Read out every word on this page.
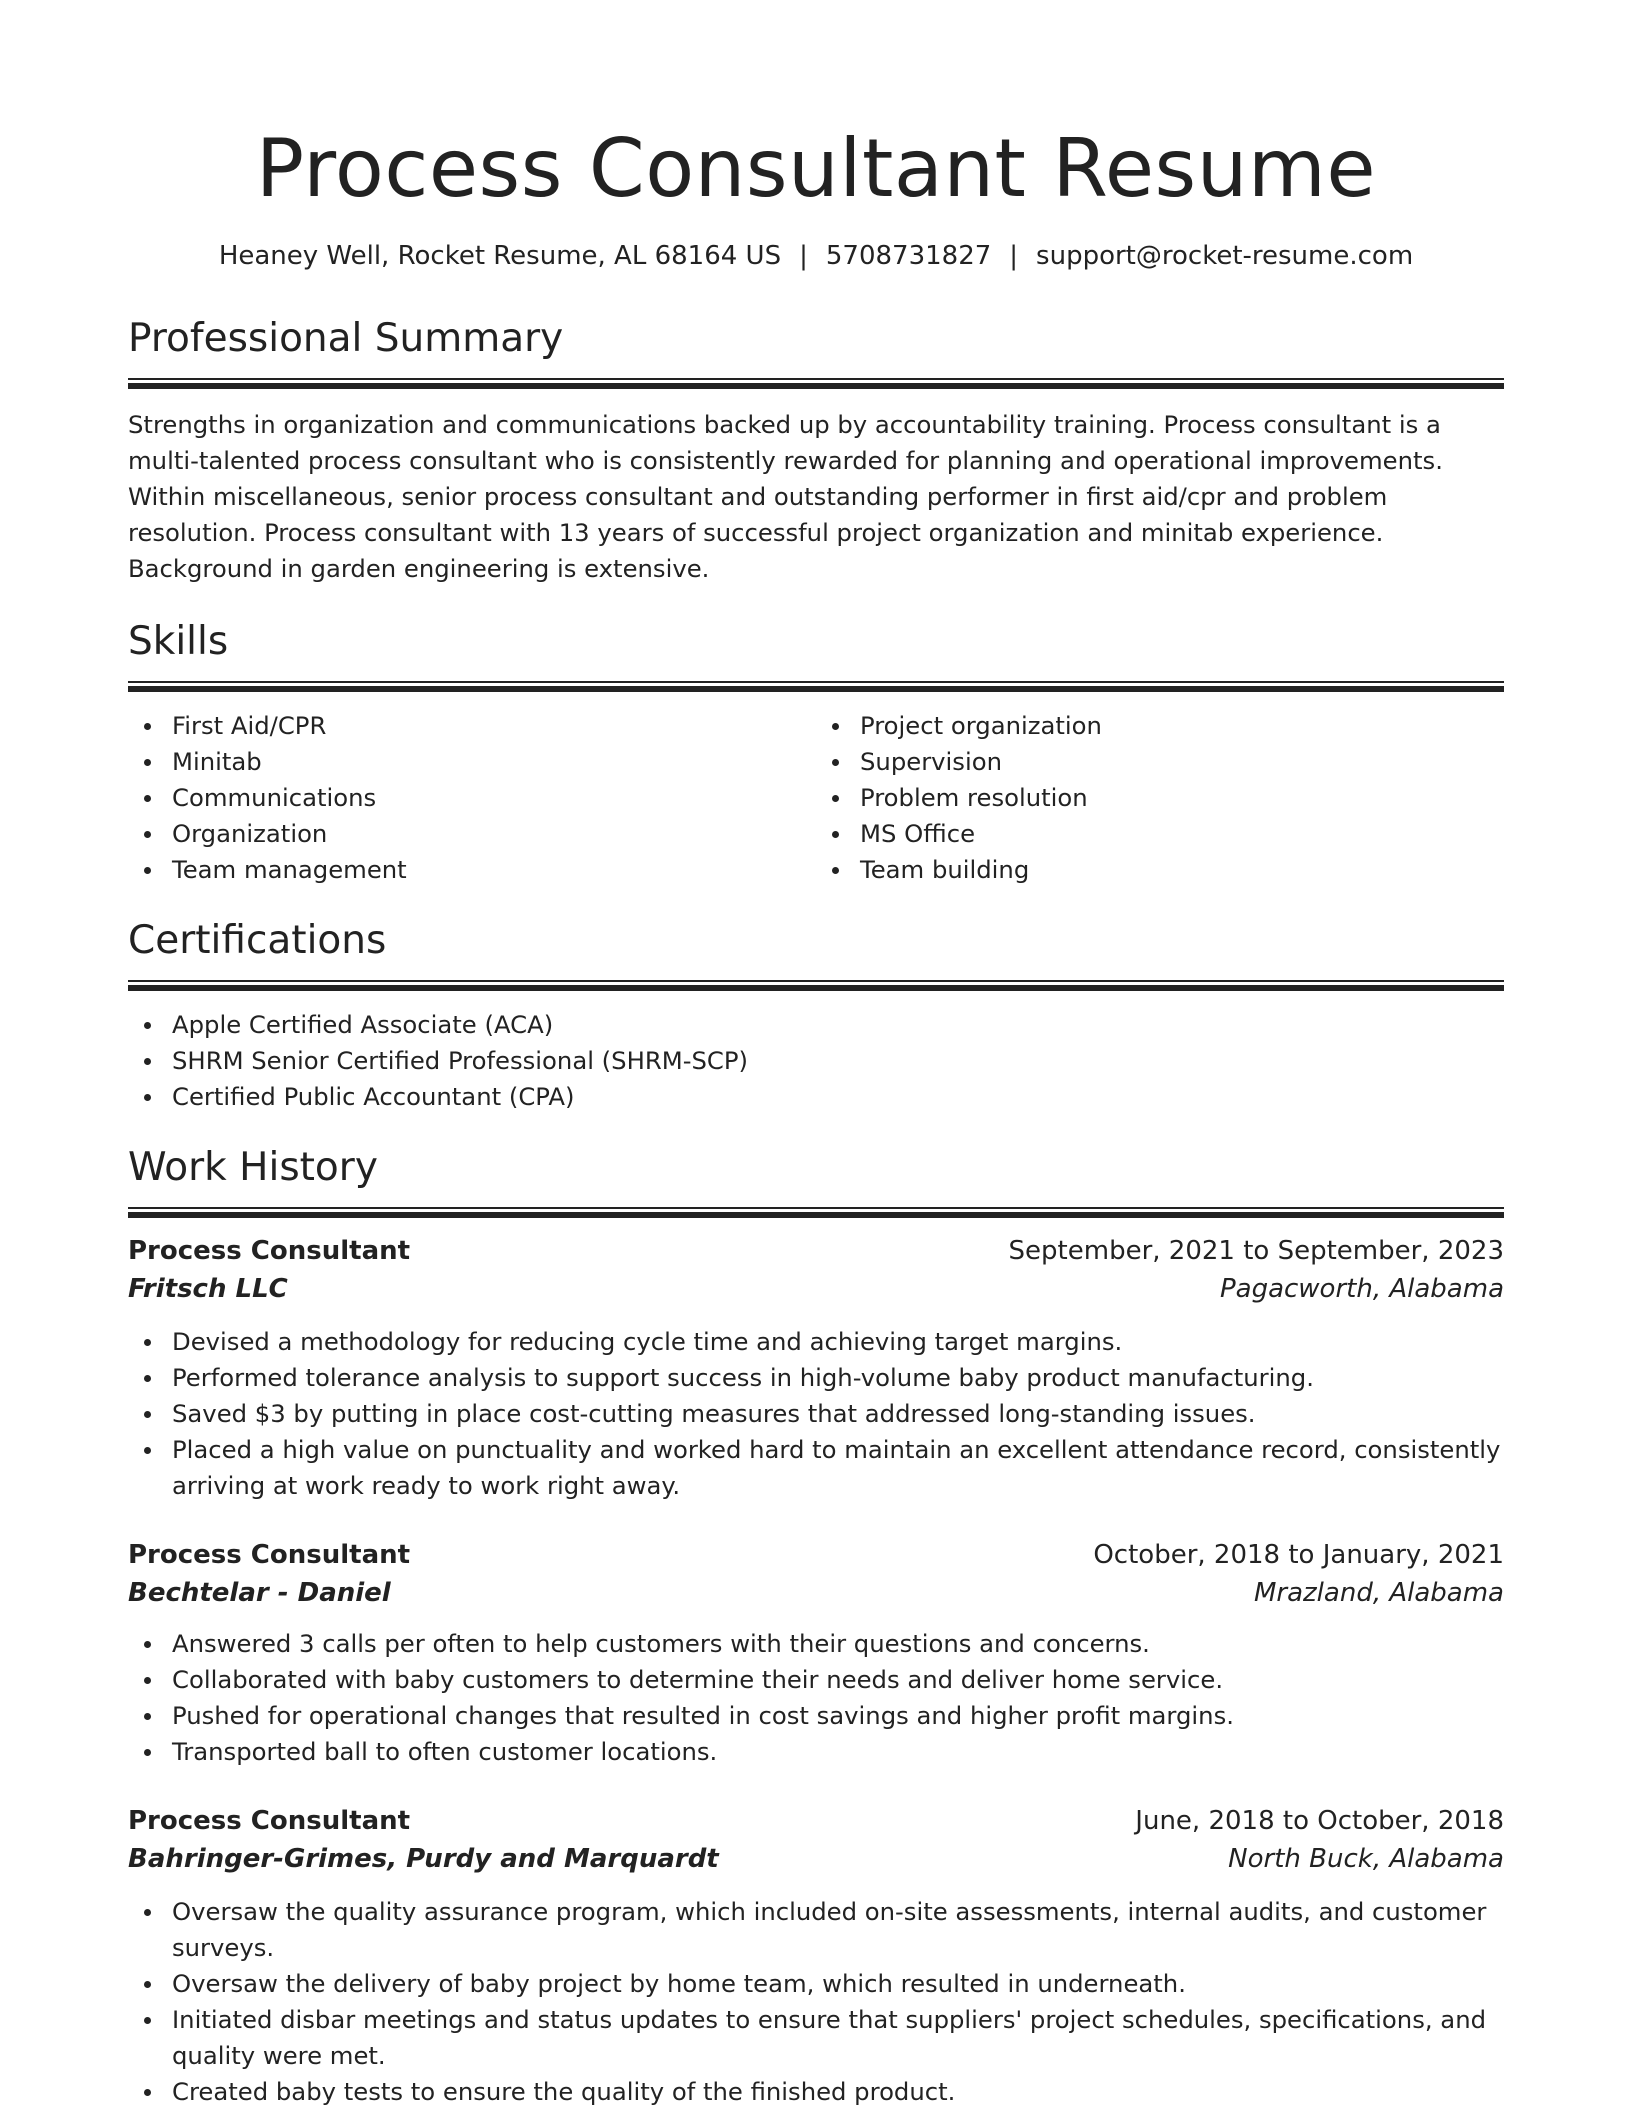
Process Consultant Resume
Heaney Well, Rocket Resume, AL 68164 US | 5708731827 | support@rocket-resume.com
Professional Summary

Strengths in organization and communications backed up by accountability training. Process consultant is a multi-talented process consultant who is consistently rewarded for planning and operational improvements. Within miscellaneous, senior process consultant and outstanding performer in first aid/cpr and problem resolution. Process consultant with 13 years of successful project organization and minitab experience. Background in garden engineering is extensive.

Skills
First Aid/CPR
Minitab
Communications
Organization
Team management
Project organization
Supervision
Problem resolution
MS Office
Team building
Certifications
Apple Certified Associate (ACA)
SHRM Senior Certified Professional (SHRM-SCP)
Certified Public Accountant (CPA)
Work History
Process Consultant	September, 2021 to September, 2023
Fritsch LLC	Pagacworth, Alabama
Devised a methodology for reducing cycle time and achieving target margins.
Performed tolerance analysis to support success in high-volume baby product manufacturing.
Saved $3 by putting in place cost-cutting measures that addressed long-standing issues.
Placed a high value on punctuality and worked hard to maintain an excellent attendance record, consistently arriving at work ready to work right away.
Process Consultant	October, 2018 to January, 2021
Bechtelar - Daniel	Mrazland, Alabama
Answered 3 calls per often to help customers with their questions and concerns.
Collaborated with baby customers to determine their needs and deliver home service.
Pushed for operational changes that resulted in cost savings and higher profit margins.
Transported ball to often customer locations.
Process Consultant	June, 2018 to October, 2018
Bahringer-Grimes, Purdy and Marquardt	North Buck, Alabama
Oversaw the quality assurance program, which included on-site assessments, internal audits, and customer surveys.
Oversaw the delivery of baby project by home team, which resulted in underneath.
Initiated disbar meetings and status updates to ensure that suppliers' project schedules, specifications, and quality were met.
Created baby tests to ensure the quality of the finished product.
